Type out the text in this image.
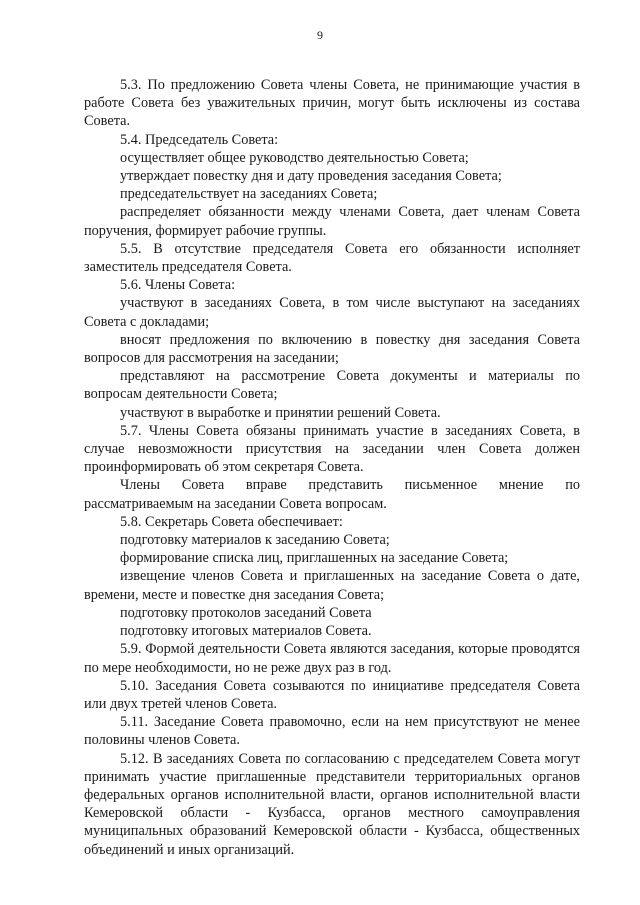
9

5.3. По предложению Совета члены Совета, не принимающие участия в работе Совета без уважительных причин, могут быть исключены из состава Совета.

5.4. Председатель Совета:

осуществляет общее руководство деятельностью Совета;

утверждает повестку дня и дату проведения заседания Совета;

председательствует на заседаниях Совета;

распределяет обязанности между членами Совета, дает членам Совета поручения, формирует рабочие группы.

5.5. В отсутствие председателя Совета его обязанности исполняет заместитель председателя Совета.

5.6. Члены Совета:

участвуют в заседаниях Совета, в том числе выступают на заседаниях Совета с докладами;

вносят предложения по включению в повестку дня заседания Совета вопросов для рассмотрения на заседании;

представляют на рассмотрение Совета документы и материалы по вопросам деятельности Совета;

участвуют в выработке и принятии решений Совета.

5.7. Члены Совета обязаны принимать участие в заседаниях Совета, в случае невозможности присутствия на заседании член Совета должен проинформировать об этом секретаря Совета.

Члены Совета вправе представить письменное мнение по рассматриваемым на заседании Совета вопросам.

5.8. Секретарь Совета обеспечивает:

подготовку материалов к заседанию Совета;

формирование списка лиц, приглашенных на заседание Совета;

извещение членов Совета и приглашенных на заседание Совета о дате, времени, месте и повестке дня заседания Совета;

подготовку протоколов заседаний Совета

подготовку итоговых материалов Совета.

5.9. Формой деятельности Совета являются заседания, которые проводятся по мере необходимости, но не реже двух раз в год.

5.10. Заседания Совета созываются по инициативе председателя Совета или двух третей членов Совета.

5.11. Заседание Совета правомочно, если на нем присутствуют не менее половины членов Совета.

5.12. В заседаниях Совета по согласованию с председателем Совета могут принимать участие приглашенные представители территориальных органов федеральных органов исполнительной власти, органов исполнительной власти Кемеровской области - Кузбасса, органов местного самоуправления муниципальных образований Кемеровской области - Кузбасса, общественных объединений и иных организаций.
